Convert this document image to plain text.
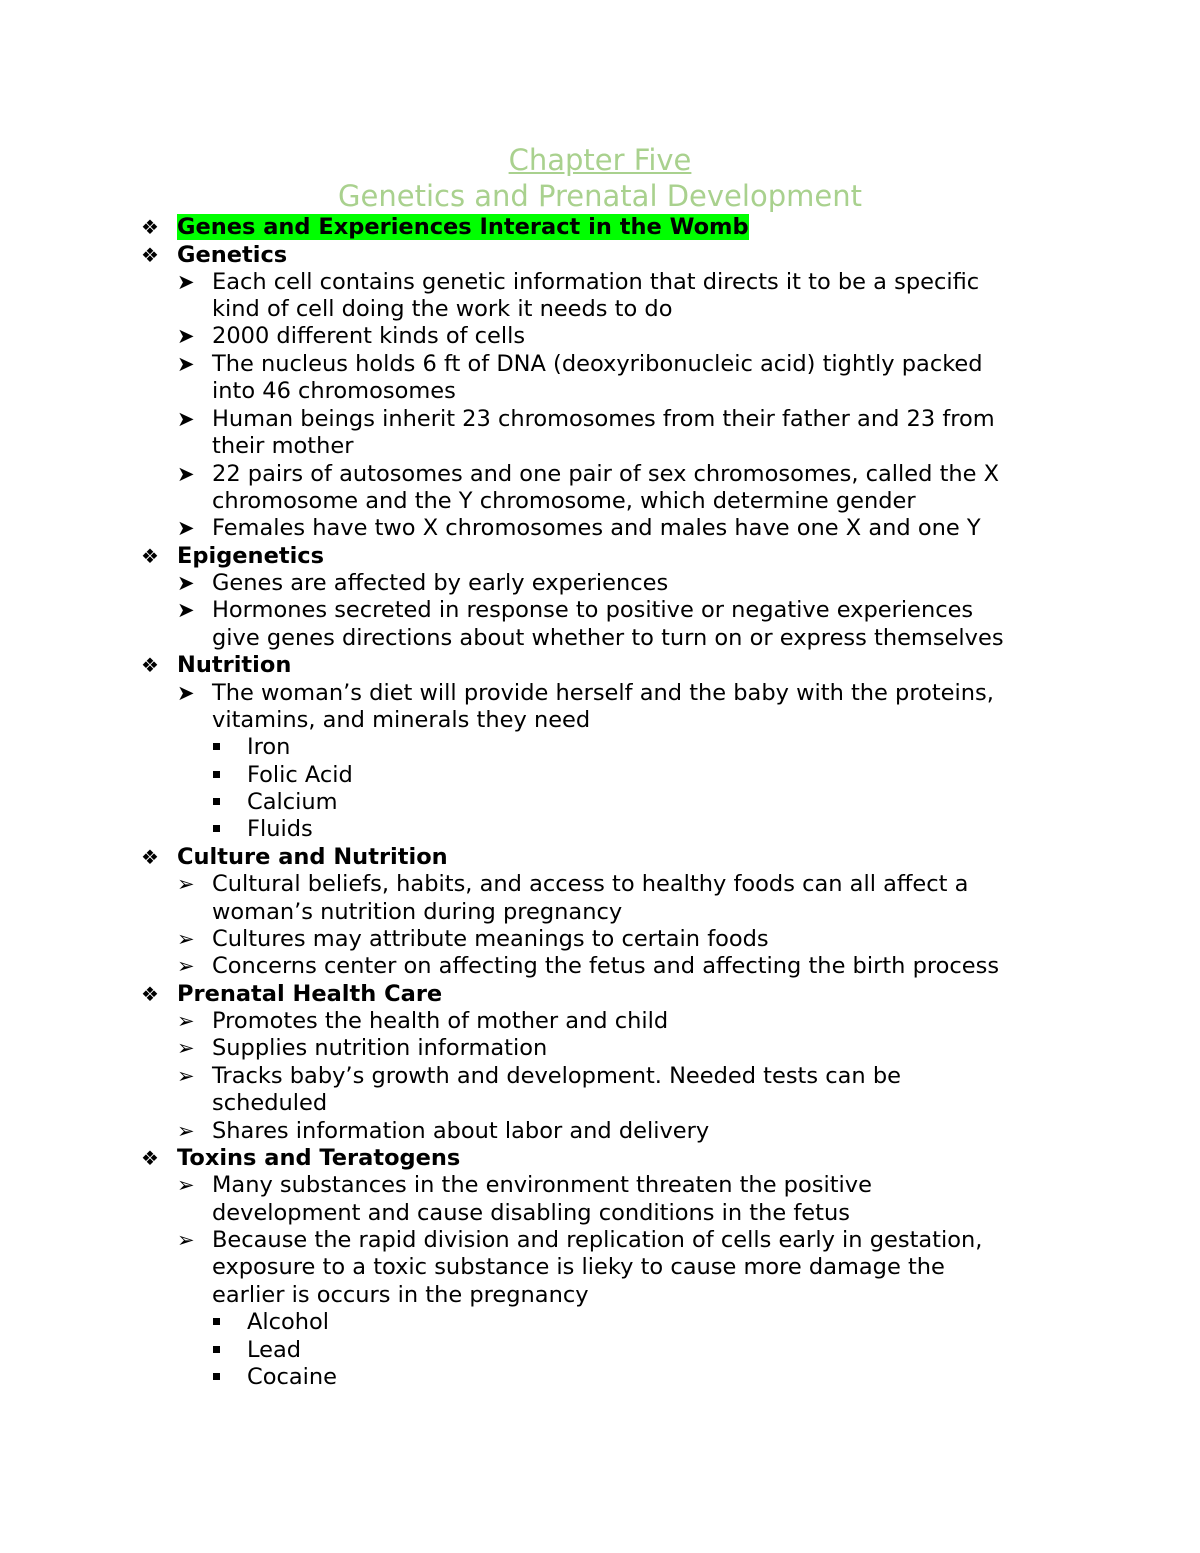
Chapter Five
Genetics and Prenatal Development
❖ Genes and Experiences Interact in the Womb
❖ Genetics
➤ Each cell contains genetic information that directs it to be a specific
kind of cell doing the work it needs to do
➤ 2000 different kinds of cells
➤ The nucleus holds 6 ft of DNA (deoxyribonucleic acid) tightly packed
into 46 chromosomes
➤ Human beings inherit 23 chromosomes from their father and 23 from
their mother
➤ 22 pairs of autosomes and one pair of sex chromosomes, called the X
chromosome and the Y chromosome, which determine gender
➤ Females have two X chromosomes and males have one X and one Y
❖ Epigenetics
➤ Genes are affected by early experiences
➤ Hormones secreted in response to positive or negative experiences
give genes directions about whether to turn on or express themselves
❖ Nutrition
➤ The woman’s diet will provide herself and the baby with the proteins,
vitamins, and minerals they need
Iron
Folic Acid
Calcium
Fluids
❖ Culture and Nutrition
➢ Cultural beliefs, habits, and access to healthy foods can all affect a
woman’s nutrition during pregnancy
➢ Cultures may attribute meanings to certain foods
➢ Concerns center on affecting the fetus and affecting the birth process
❖ Prenatal Health Care
➢ Promotes the health of mother and child
➢ Supplies nutrition information
➢ Tracks baby’s growth and development. Needed tests can be
scheduled
➢ Shares information about labor and delivery
❖ Toxins and Teratogens
➢ Many substances in the environment threaten the positive
development and cause disabling conditions in the fetus
➢ Because the rapid division and replication of cells early in gestation,
exposure to a toxic substance is lieky to cause more damage the
earlier is occurs in the pregnancy
Alcohol
Lead
Cocaine
